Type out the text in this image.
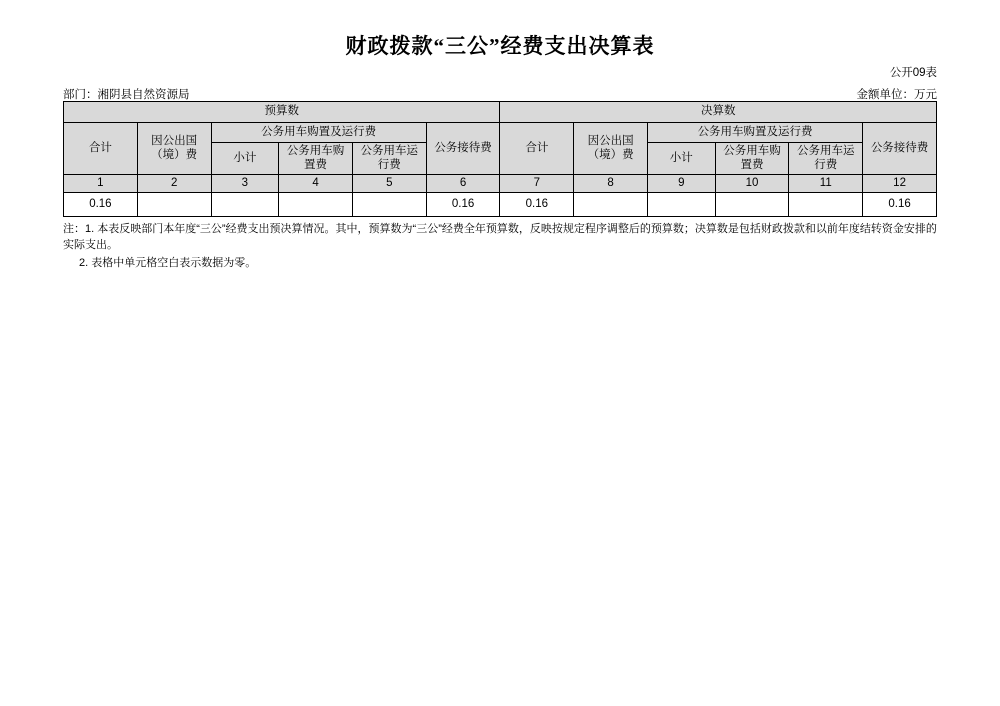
财政拨款“三公”经费支出决算表
公开09表
部门：湘阴县自然资源局	金额单位：万元
预算数						决算数					
合计	因公出国（境）费	公务用车购置及运行费			公务接待费	合计	因公出国（境）费	公务用车购置及运行费			公务接待费
		小计	公务用车购置费	公务用车运行费				小计	公务用车购置费	公务用车运行费	
1	2	3	4	5	6	7	8	9	10	11	12
0.16					0.16	0.16					0.16
注：1. 本表反映部门本年度“三公”经费支出预决算情况。其中，预算数为“三公”经费全年预算数，反映按规定程序调整后的预算数；决算数是包括财政拨款和以前年度结转资金安排的实际支出。
2. 表格中单元格空白表示数据为零。
